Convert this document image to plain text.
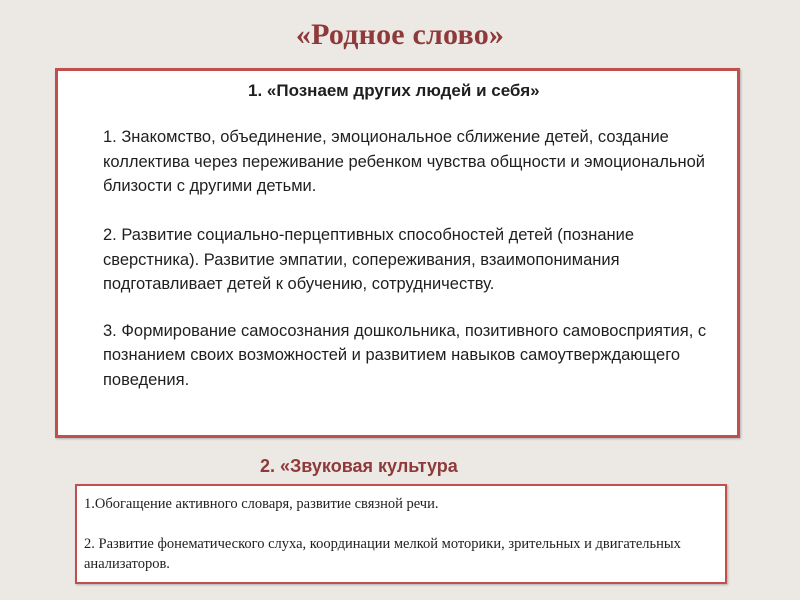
«Родное слово»
1. «Познаем других людей и себя»

1. Знакомство, объединение, эмоциональное сближение детей, создание коллектива через переживание ребенком чувства общности и эмоциональной близости с другими детьми.

2. Развитие социально-перцептивных способностей детей (познание сверстника). Развитие эмпатии, сопереживания, взаимопонимания подготавливает детей к обучению, сотрудничеству.

3. Формирование самосознания дошкольника, позитивного самовосприятия, с познанием своих возможностей и развитием навыков самоутверждающего поведения.

2. «Звуковая культура

1.Обогащение активного словаря, развитие связной речи.

2. Развитие фонематического слуха, координации мелкой моторики, зрительных и двигательных анализаторов.
